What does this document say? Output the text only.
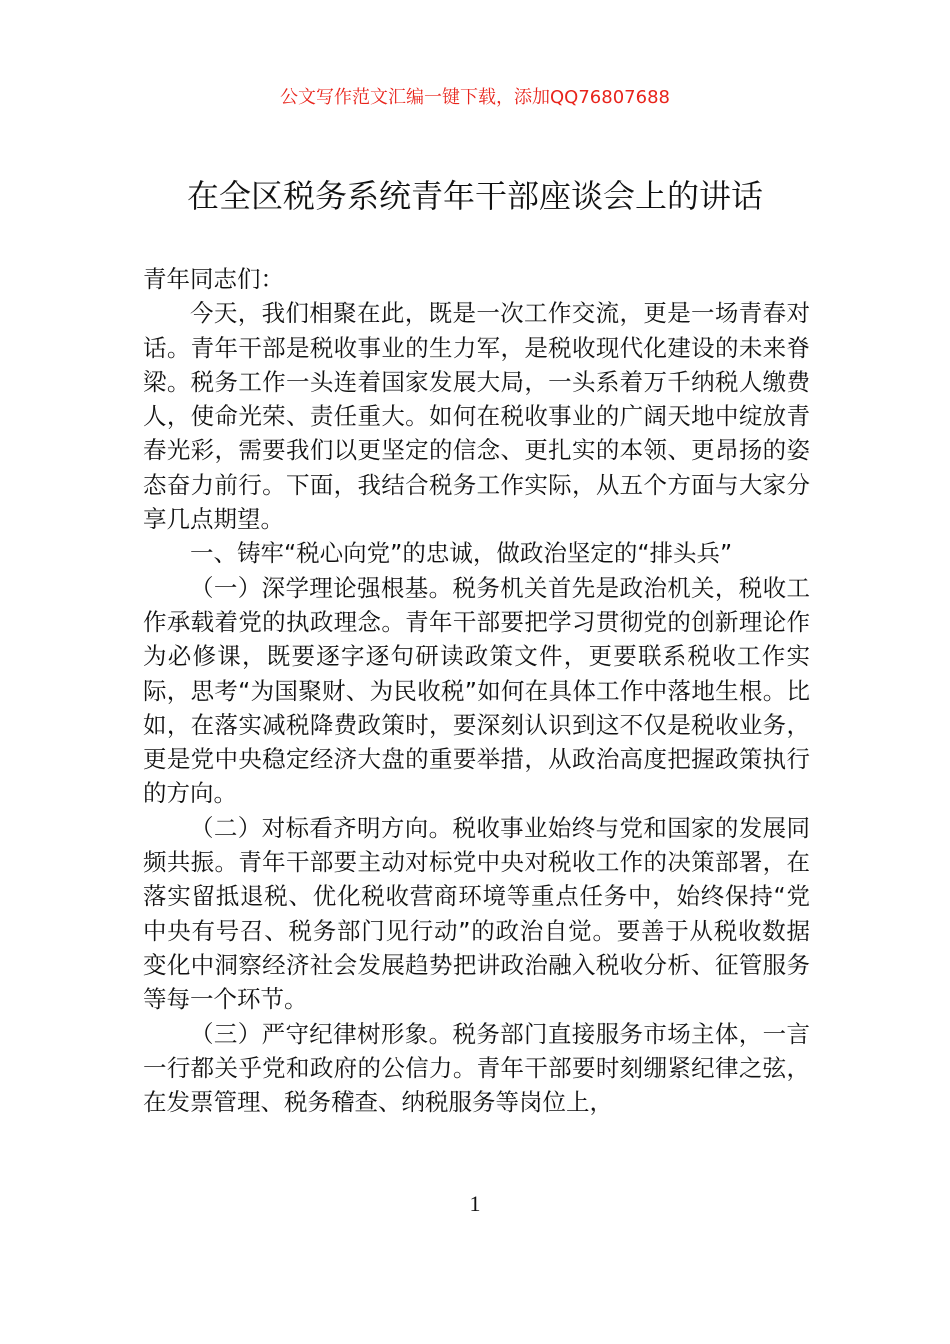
公文写作范文汇编一键下载，添加QQ76807688
在全区税务系统青年干部座谈会上的讲话

青年同志们：

今天，我们相聚在此，既是一次工作交流，更是一场青春对话。青年干部是税收事业的生力军，是税收现代化建设的未来脊梁。税务工作一头连着国家发展大局，一头系着万千纳税人缴费人，使命光荣、责任重大。如何在税收事业的广阔天地中绽放青春光彩，需要我们以更坚定的信念、更扎实的本领、更昂扬的姿态奋力前行。下面，我结合税务工作实际，从五个方面与大家分享几点期望。

一、铸牢“税心向党”的忠诚，做政治坚定的“排头兵”

（一）深学理论强根基。税务机关首先是政治机关，税收工作承载着党的执政理念。青年干部要把学习贯彻党的创新理论作为必修课，既要逐字逐句研读政策文件，更要联系税收工作实际，思考“为国聚财、为民收税”如何在具体工作中落地生根。比如，在落实减税降费政策时，要深刻认识到这不仅是税收业务，更是党中央稳定经济大盘的重要举措，从政治高度把握政策执行的方向。

（二）对标看齐明方向。税收事业始终与党和国家的发展同频共振。青年干部要主动对标党中央对税收工作的决策部署，在落实留抵退税、优化税收营商环境等重点任务中，始终保持“党中央有号召、税务部门见行动”的政治自觉。要善于从税收数据变化中洞察经济社会发展趋势把讲政治融入税收分析、征管服务等每一个环节。

（三）严守纪律树形象。税务部门直接服务市场主体，一言一行都关乎党和政府的公信力。青年干部要时刻绷紧纪律之弦，在发票管理、税务稽查、纳税服务等岗位上，

1
